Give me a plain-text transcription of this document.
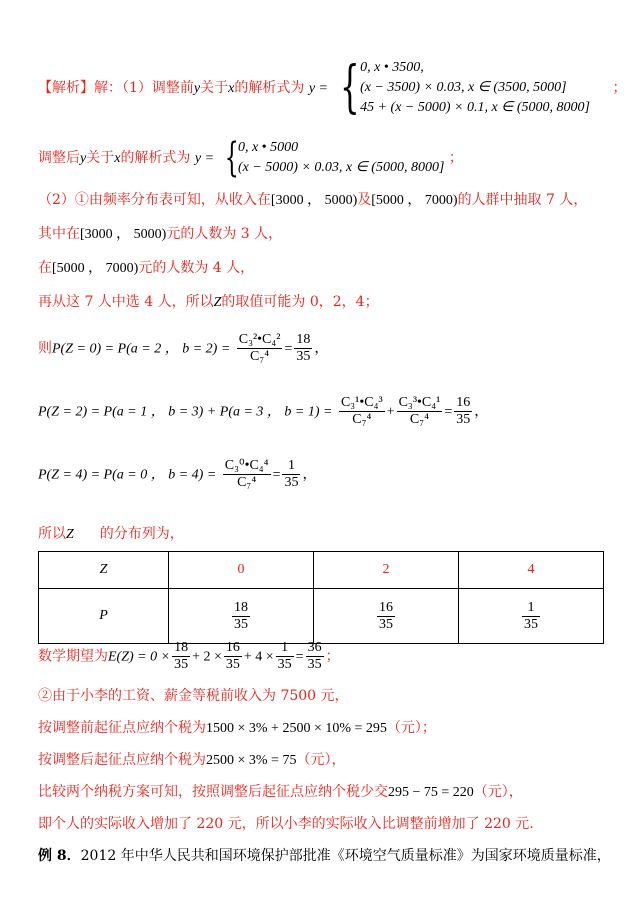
【解析】解：（1）调整前y关于x的解析式为 y = { 0, x • 3500,
(x − 3500) × 0.03, x ∈ (3500, 5000]
45 + (x − 5000) × 0.1, x ∈ (5000, 8000]
；
调整后y关于x的解析式为 y = { 0, x • 5000
(x − 5000) × 0.03, x ∈ (5000, 8000]
；
（2）①由频率分布表可知，从收入在[3000 ， 5000)及[5000 ， 7000)的人群中抽取 7 人，
其中在[3000 ， 5000)元的人数为 3 人，
在[5000 ， 7000)元的人数为 4 人，
再从这 7 人中选 4 人，所以Z的取值可能为 0，2，4；
则P(Z = 0) = P(a = 2 ， $b = 2) = \frac{\text{C₃²•C₄²}}{\text{C₇⁴}} = \frac{18}{35}$ ，
P(Z = 2) = P(a = 1 ， b = 3) + P(a = 3 ， $b = 1) = \frac{\text{C₃¹•C₄³}}{\text{C₇⁴}} + \frac{\text{C₃³•C₄¹}}{\text{C₇⁴}} = \frac{16}{35}$ ，
P(Z = 4) = P(a = 0 ， $b = 4) = \frac{\text{C₃⁰•C₄⁴}}{\text{C₇⁴}} = \frac{1}{35}$ ，
所以Z 的分布列为，
Z	0	2	4
P	$\frac{18}{35}$	$\frac{16}{35}$	$\frac{1}{35}$
数学期望为$E(Z) = 0 \times \frac{18}{35} + 2 \times \frac{16}{35} + 4 \times \frac{1}{35} = \frac{36}{35}$ ；
②由于小李的工资、薪金等税前收入为 7500 元，
按调整前起征点应纳个税为1500 × 3% + 2500 × 10% = 295（元）；
按调整后起征点应纳个税为2500 × 3% = 75（元），
比较两个纳税方案可知，按照调整后起征点应纳个税少交295 − 75 = 220（元），
即个人的实际收入增加了 220 元，所以小李的实际收入比调整前增加了 220 元.
例 8．2012 年中华人民共和国环境保护部批准《环境空气质量标准》为国家环境质量标准，
